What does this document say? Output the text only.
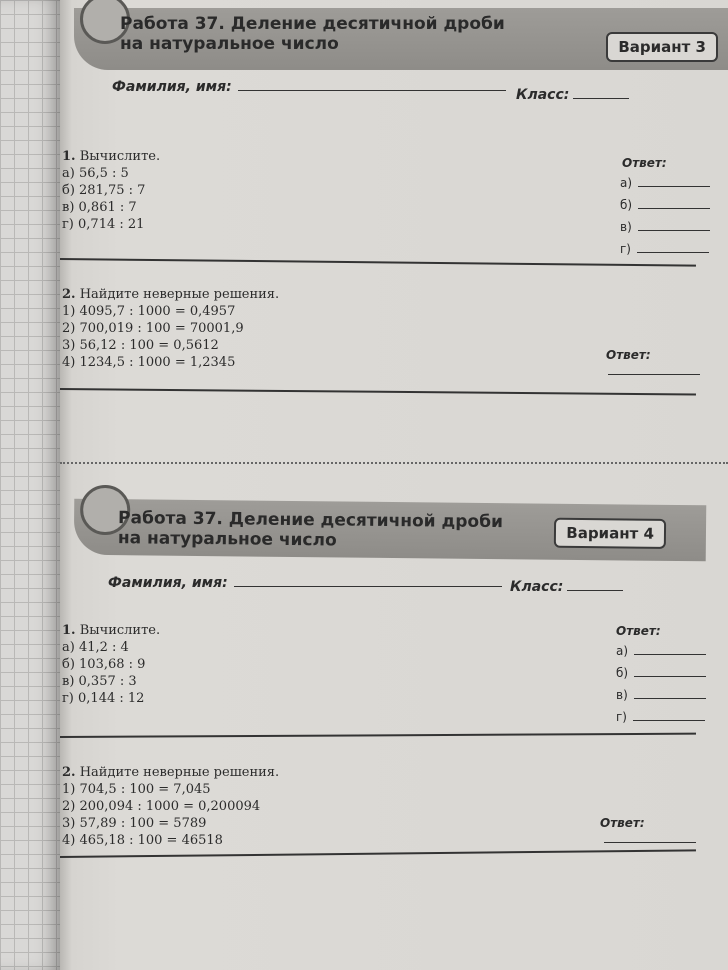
Работа 37. Деление десятичной дроби
на натуральное число	Вариант 3
Фамилия, имя:	Класс:
1. Вычислите.
а) 56,5 : 5
б) 281,75 : 7
в) 0,861 : 7
г) 0,714 : 21
Ответ:
а)
б)
в)
г)
2. Найдите неверные решения.
1) 4095,7 : 1000 = 0,4957
2) 700,019 : 100 = 70001,9
3) 56,12 : 100 = 0,5612
4) 1234,5 : 1000 = 1,2345	Ответ:
Работа 37. Деление десятичной дроби
на натуральное число	Вариант 4
Фамилия, имя:	Класс:
1. Вычислите.
а) 41,2 : 4
б) 103,68 : 9
в) 0,357 : 3
г) 0,144 : 12
Ответ:
а)
б)
в)
г)
2. Найдите неверные решения.
1) 704,5 : 100 = 7,045
2) 200,094 : 1000 = 0,200094
3) 57,89 : 100 = 5789
4) 465,18 : 100 = 46518
Ответ:
